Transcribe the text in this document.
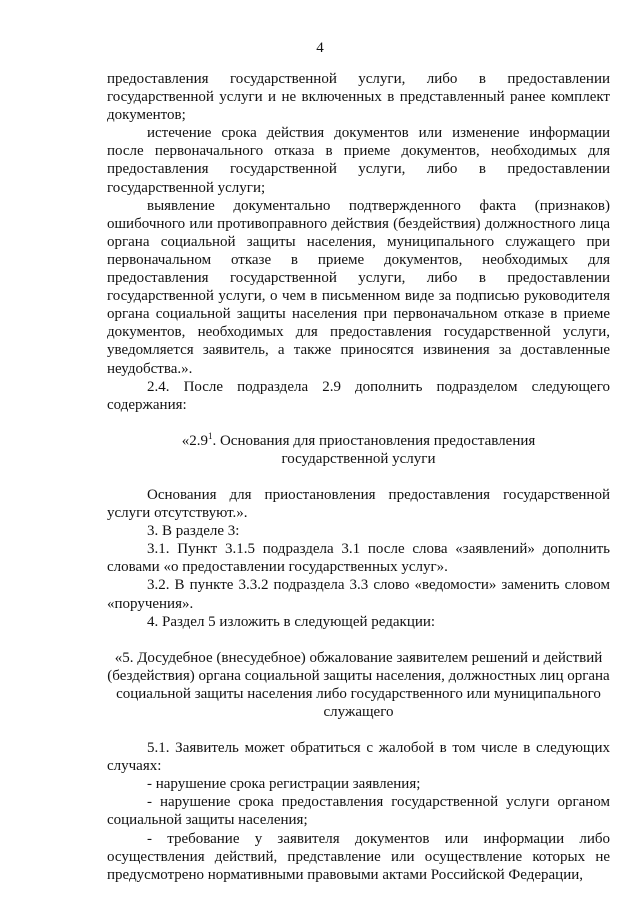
4

предоставления государственной услуги, либо в предоставлении государственной услуги и не включенных в представленный ранее комплект документов;

истечение срока действия документов или изменение информации после первоначального отказа в приеме документов, необходимых для предоставления государственной услуги, либо в предоставлении государственной услуги;

выявление документально подтвержденного факта (признаков) ошибочного или противоправного действия (бездействия) должностного лица органа социальной защиты населения, муниципального служащего при первоначальном отказе в приеме документов, необходимых для предоставления государственной услуги, либо в предоставлении государственной услуги, о чем в письменном виде за подписью руководителя органа социальной защиты населения при первоначальном отказе в приеме документов, необходимых для предоставления государственной услуги, уведомляется заявитель, а также приносятся извинения за доставленные неудобства.».

2.4. После подраздела 2.9 дополнить подразделом следующего содержания:

«$2.9^1$. Основания для приостановления предоставления государственной услуги

Основания для приостановления предоставления государственной услуги отсутствуют.».

3. В разделе 3:

3.1. Пункт 3.1.5 подраздела 3.1 после слова «заявлений» дополнить словами «о предоставлении государственных услуг».

3.2. В пункте 3.3.2 подраздела 3.3 слово «ведомости» заменить словом «поручения».

4. Раздел 5 изложить в следующей редакции:

«5. Досудебное (внесудебное) обжалование заявителем решений и действий (бездействия) органа социальной защиты населения, должностных лиц органа социальной защиты населения либо государственного или муниципального служащего

5.1. Заявитель может обратиться с жалобой в том числе в следующих случаях:

- нарушение срока регистрации заявления;

- нарушение срока предоставления государственной услуги органом социальной защиты населения;

- требование у заявителя документов или информации либо осуществления действий, представление или осуществление которых не предусмотрено нормативными правовыми актами Российской Федерации,
